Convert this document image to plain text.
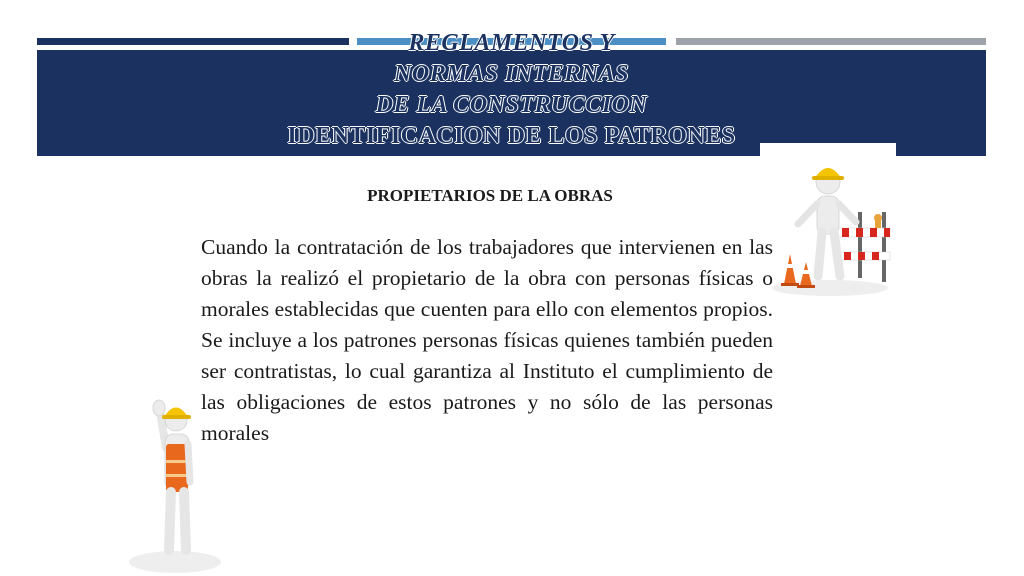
REGLAMENTOS Y
NORMAS INTERNAS
DE LA CONSTRUCCION
IDENTIFICACION DE LOS PATRONES
PROPIETARIOS DE LA OBRAS

Cuando la contratación de los trabajadores que intervienen en las obras la realizó el propietario de la obra con personas físicas o morales establecidas que cuenten para ello con elementos propios. Se incluye a los patrones personas físicas quienes también pueden ser contratistas, lo cual garantiza al Instituto el cumplimiento de las obligaciones de estos patrones y no sólo de las personas morales
